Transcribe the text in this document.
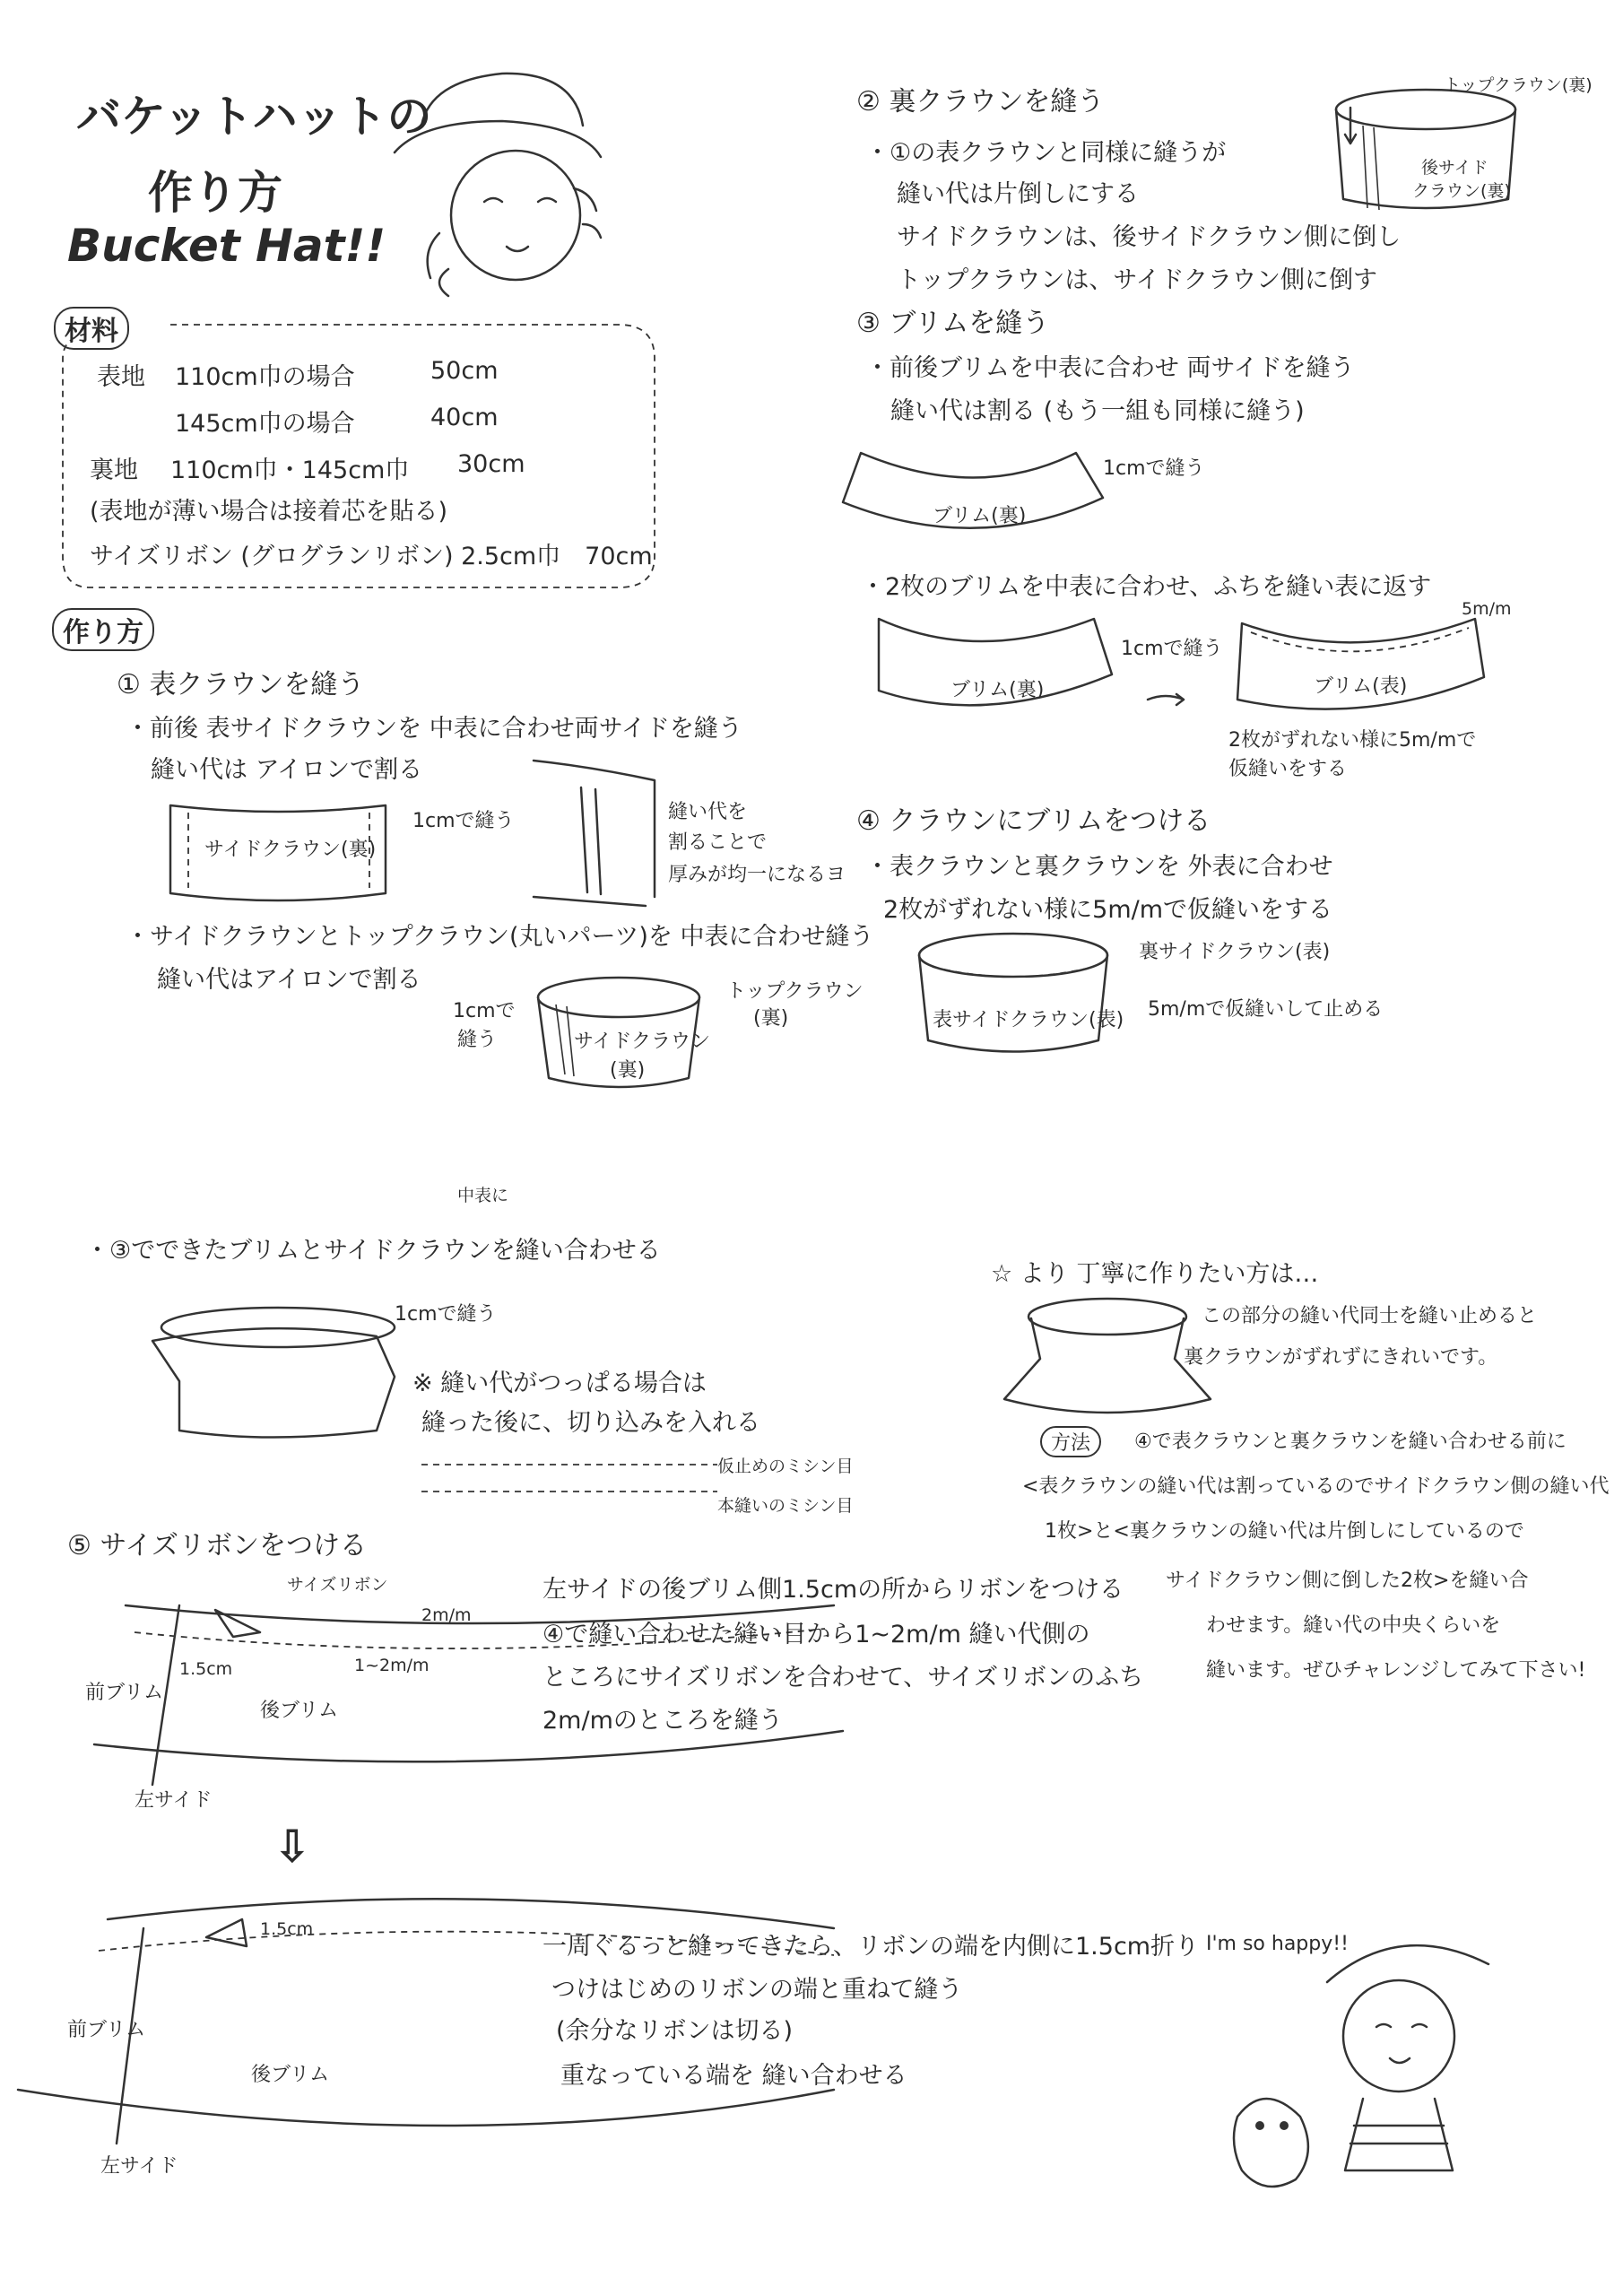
バケットハットの
作り方
Bucket Hat!!
材料
表地 110cm巾の場合	50cm
145cm巾の場合	40cm
裏地 110cm巾・145cm巾 30cm
(表地が薄い場合は接着芯を貼る)
サイズリボン (グログランリボン) 2.5cm巾　70cm
作り方
① 表クラウンを縫う
・前後 表サイドクラウンを 中表に合わせ両サイドを縫う
縫い代は アイロンで割る
サイドクラウン(裏)
1cmで縫う	縫い代を
割ることで
厚みが均一になるヨ
・サイドクラウンとトップクラウン(丸いパーツ)を 中表に合わせ縫う
縫い代はアイロンで割る
1cmで
縫う	サイドクラウン
(裏)
トップクラウン
(裏)
② 裏クラウンを縫う
・①の表クラウンと同様に縫うが
縫い代は片倒しにする
サイドクラウンは、後サイドクラウン側に倒し
トップクラウンは、サイドクラウン側に倒す
トップクラウン(裏)
後サイド
クラウン(裏)
③ ブリムを縫う
・前後ブリムを中表に合わせ 両サイドを縫う
縫い代は割る (もう一組も同様に縫う)
ブリム(裏)
1cmで縫う
・2枚のブリムを中表に合わせ、ふちを縫い表に返す
ブリム(裏)
1cmで縫う
ブリム(表)
5m/m
2枚がずれない様に5m/mで
仮縫いをする
④ クラウンにブリムをつける
・表クラウンと裏クラウンを 外表に合わせ
2枚がずれない様に5m/mで仮縫いをする
表サイドクラウン(表)
裏サイドクラウン(表)
5m/mで仮縫いして止める
・③でできたブリムとサイドクラウンを縫い合わせる
中表に
1cmで縫う
※ 縫い代がつっぱる場合は
縫った後に、切り込みを入れる
仮止めのミシン目
本縫いのミシン目
☆ より 丁寧に作りたい方は…
この部分の縫い代同士を縫い止めると
裏クラウンがずれずにきれいです。
方法	④で表クラウンと裏クラウンを縫い合わせる前に
<表クラウンの縫い代は割っているのでサイドクラウン側の縫い代
1枚>と<裏クラウンの縫い代は片倒しにしているので
サイドクラウン側に倒した2枚>を縫い合
わせます。縫い代の中央くらいを
縫います。ぜひチャレンジしてみて下さい!
⑤ サイズリボンをつける
サイズリボン
2m/m
1.5cm	1~2m/m
前ブリム
後ブリム
左サイド
左サイドの後ブリム側1.5cmの所からリボンをつける
④で縫い合わせた縫い目から1~2m/m 縫い代側の
ところにサイズリボンを合わせて、サイズリボンのふち
2m/mのところを縫う
⇩
1.5cm
前ブリム
後ブリム
左サイド
一周ぐるっと縫ってきたら、リボンの端を内側に1.5cm折り
つけはじめのリボンの端と重ねて縫う
(余分なリボンは切る)
重なっている端を 縫い合わせる
I'm so happy!!
